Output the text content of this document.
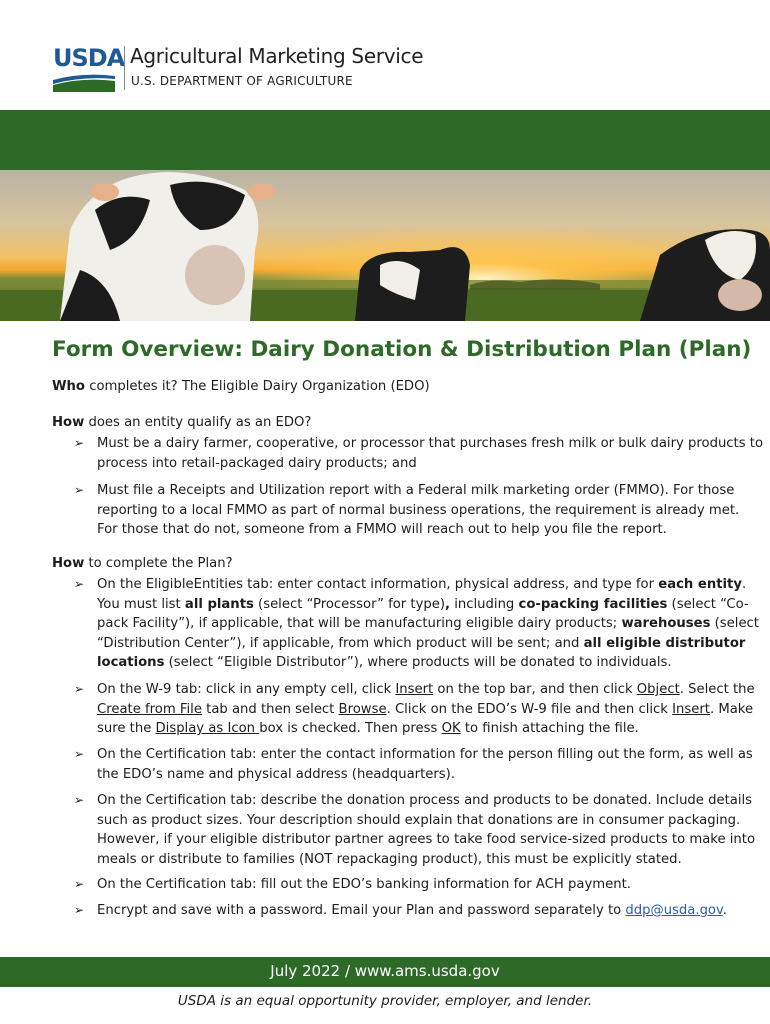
USDA Agricultural Marketing Service
U.S. DEPARTMENT OF AGRICULTURE
Form Overview: Dairy Donation & Distribution Plan (Plan)
Who completes it? The Eligible Dairy Organization (EDO)
How does an entity qualify as an EDO?
➢ Must be a dairy farmer, cooperative, or processor that purchases fresh milk or bulk dairy products to
process into retail-packaged dairy products; and
➢ Must file a Receipts and Utilization report with a Federal milk marketing order (FMMO). For those
reporting to a local FMMO as part of normal business operations, the requirement is already met.
For those that do not, someone from a FMMO will reach out to help you file the report.
How to complete the Plan?
➢ On the EligibleEntities tab: enter contact information, physical address, and type for each entity.
You must list all plants (select “Processor” for type), including co-packing facilities (select “Co-
pack Facility”), if applicable, that will be manufacturing eligible dairy products; warehouses (select
“Distribution Center”), if applicable, from which product will be sent; and all eligible distributor
locations (select “Eligible Distributor”), where products will be donated to individuals.
➢ On the W-9 tab: click in any empty cell, click Insert on the top bar, and then click Object. Select the
Create from File tab and then select Browse. Click on the EDO’s W-9 file and then click Insert. Make
sure the Display as Icon box is checked. Then press OK to finish attaching the file.
➢ On the Certification tab: enter the contact information for the person filling out the form, as well as
the EDO’s name and physical address (headquarters).
➢ On the Certification tab: describe the donation process and products to be donated. Include details
such as product sizes. Your description should explain that donations are in consumer packaging.
However, if your eligible distributor partner agrees to take food service-sized products to make into
meals or distribute to families (NOT repackaging product), this must be explicitly stated.
➢ On the Certification tab: fill out the EDO’s banking information for ACH payment.
➢ Encrypt and save with a password. Email your Plan and password separately to ddp@usda.gov.
July 2022 / www.ams.usda.gov
USDA is an equal opportunity provider, employer, and lender.
